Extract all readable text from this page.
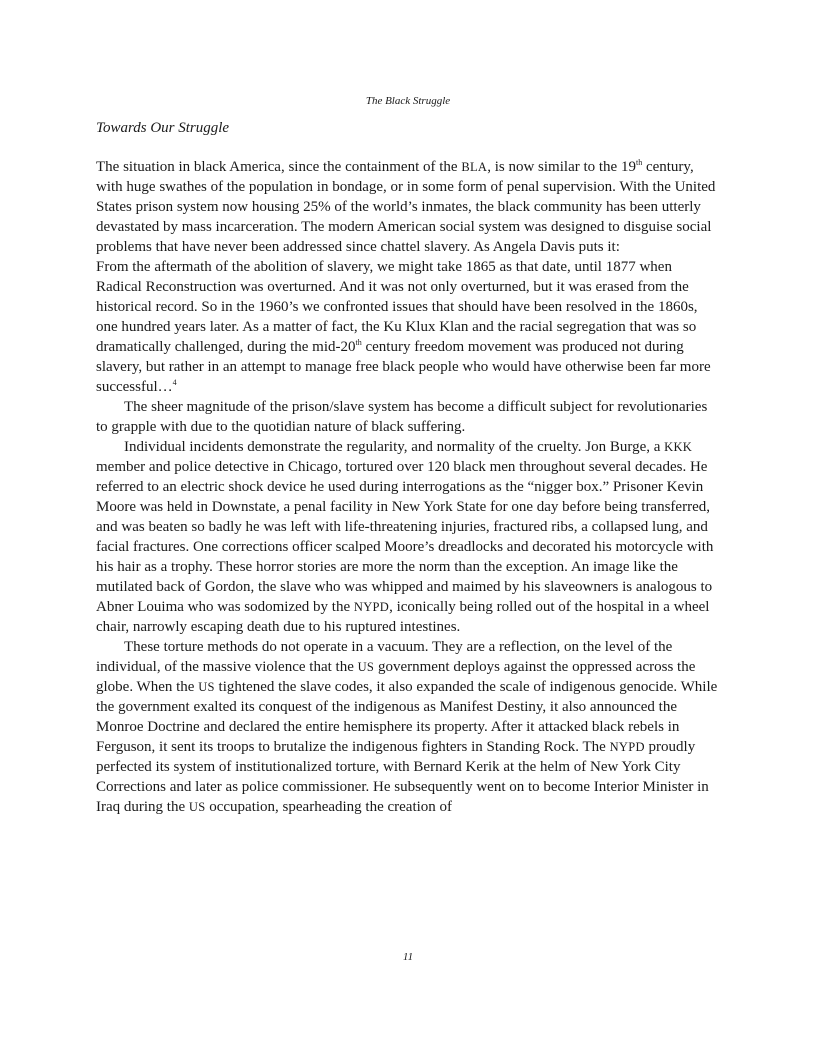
The Black Struggle
Towards Our Struggle

The situation in black America, since the containment of the BLA, is now similar to the 19th century, with huge swathes of the population in bondage, or in some form of penal supervision. With the United States prison system now housing 25% of the world’s inmates, the black community has been utterly devastated by mass incarceration. The modern American social system was designed to disguise social problems that have never been addressed since chattel slavery. As Angela Davis puts it:

From the aftermath of the abolition of slavery, we might take 1865 as that date, until 1877 when Radical Reconstruction was overturned. And it was not only overturned, but it was erased from the historical record. So in the 1960’s we confronted issues that should have been resolved in the 1860s, one hundred years later. As a matter of fact, the Ku Klux Klan and the racial segregation that was so dramatically challenged, during the mid-20th century freedom movement was produced not during slavery, but rather in an attempt to manage free black people who would have otherwise been far more successful…$^4$

The sheer magnitude of the prison/slave system has become a difficult subject for revolutionaries to grapple with due to the quotidian nature of black suffering.

Individual incidents demonstrate the regularity, and normality of the cruelty. Jon Burge, a KKK member and police detective in Chicago, tortured over 120 black men throughout several decades. He referred to an electric shock device he used during interrogations as the “nigger box.” Prisoner Kevin Moore was held in Downstate, a penal facility in New York State for one day before being transferred, and was beaten so badly he was left with life-threatening injuries, fractured ribs, a collapsed lung, and facial fractures. One corrections officer scalped Moore’s dreadlocks and decorated his motorcycle with his hair as a trophy. These horror stories are more the norm than the exception. An image like the mutilated back of Gordon, the slave who was whipped and maimed by his slaveowners is analogous to Abner Louima who was sodomized by the NYPD, iconically being rolled out of the hospital in a wheel chair, narrowly escaping death due to his ruptured intestines.

These torture methods do not operate in a vacuum. They are a reflection, on the level of the individual, of the massive violence that the US government deploys against the oppressed across the globe. When the US tightened the slave codes, it also expanded the scale of indigenous genocide. While the government exalted its conquest of the indigenous as Manifest Destiny, it also announced the Monroe Doctrine and declared the entire hemisphere its property. After it attacked black rebels in Ferguson, it sent its troops to brutalize the indigenous fighters in Standing Rock. The NYPD proudly perfected its system of institutionalized torture, with Bernard Kerik at the helm of New York City Corrections and later as police commissioner. He subsequently went on to become Interior Minister in Iraq during the US occupation, spearheading the creation of

11
